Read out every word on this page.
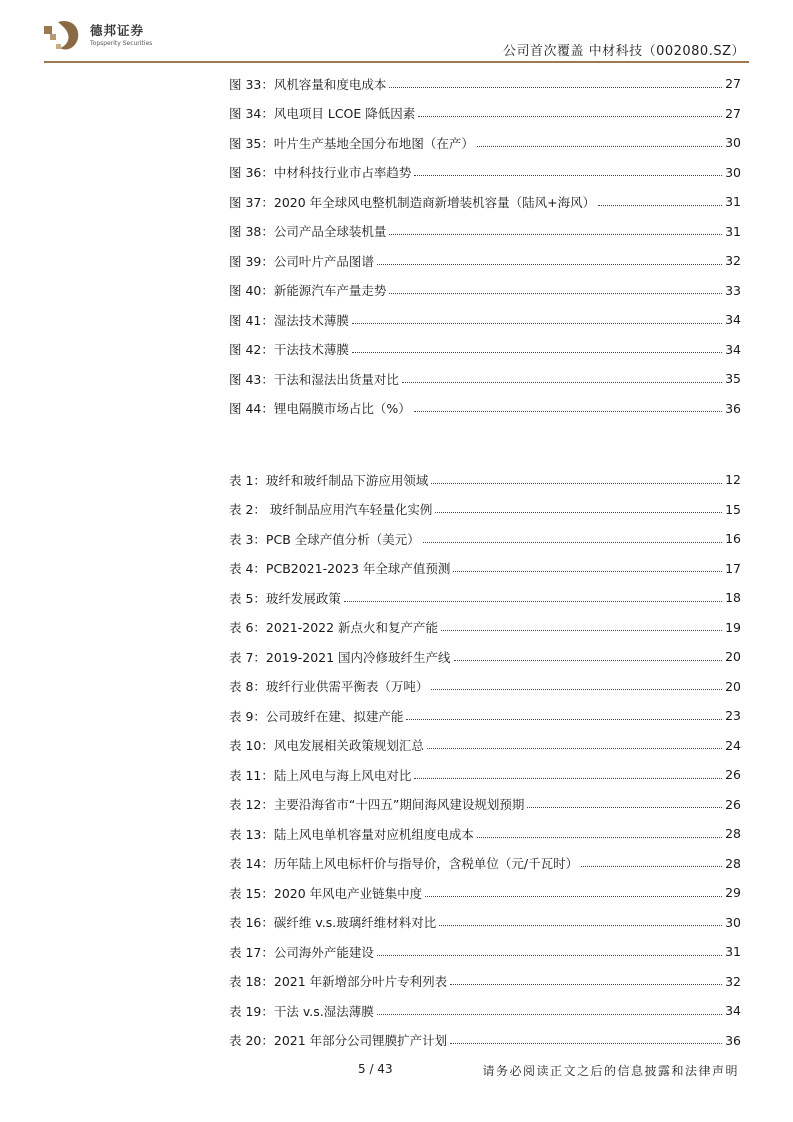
德邦证券
Topsperity Securities
公司首次覆盖 中材科技（002080.SZ）
图 33：风机容量和度电成本	27
图 34：风电项目 LCOE 降低因素	27
图 35：叶片生产基地全国分布地图（在产）	30
图 36：中材科技行业市占率趋势	30
图 37：2020 年全球风电整机制造商新增装机容量（陆风+海风）	31
图 38：公司产品全球装机量	31
图 39：公司叶片产品图谱	32
图 40：新能源汽车产量走势	33
图 41：湿法技术薄膜	34
图 42：干法技术薄膜	34
图 43：干法和湿法出货量对比	35
图 44：锂电隔膜市场占比（%）	36
表 1：玻纤和玻纤制品下游应用领域	12
表 2： 玻纤制品应用汽车轻量化实例	15
表 3：PCB 全球产值分析（美元）	16
表 4：PCB2021-2023 年全球产值预测	17
表 5：玻纤发展政策	18
表 6：2021-2022 新点火和复产产能	19
表 7：2019-2021 国内冷修玻纤生产线	20
表 8：玻纤行业供需平衡表（万吨）	20
表 9：公司玻纤在建、拟建产能	23
表 10：风电发展相关政策规划汇总	24
表 11：陆上风电与海上风电对比	26
表 12：主要沿海省市“十四五”期间海风建设规划预期	26
表 13：陆上风电单机容量对应机组度电成本	28
表 14：历年陆上风电标杆价与指导价，含税单位（元/千瓦时）	28
表 15：2020 年风电产业链集中度	29
表 16：碳纤维 v.s.玻璃纤维材料对比	30
表 17：公司海外产能建设	31
表 18：2021 年新增部分叶片专利列表	32
表 19：干法 v.s.湿法薄膜	34
表 20：2021 年部分公司锂膜扩产计划	36
5 / 43	请务必阅读正文之后的信息披露和法律声明
